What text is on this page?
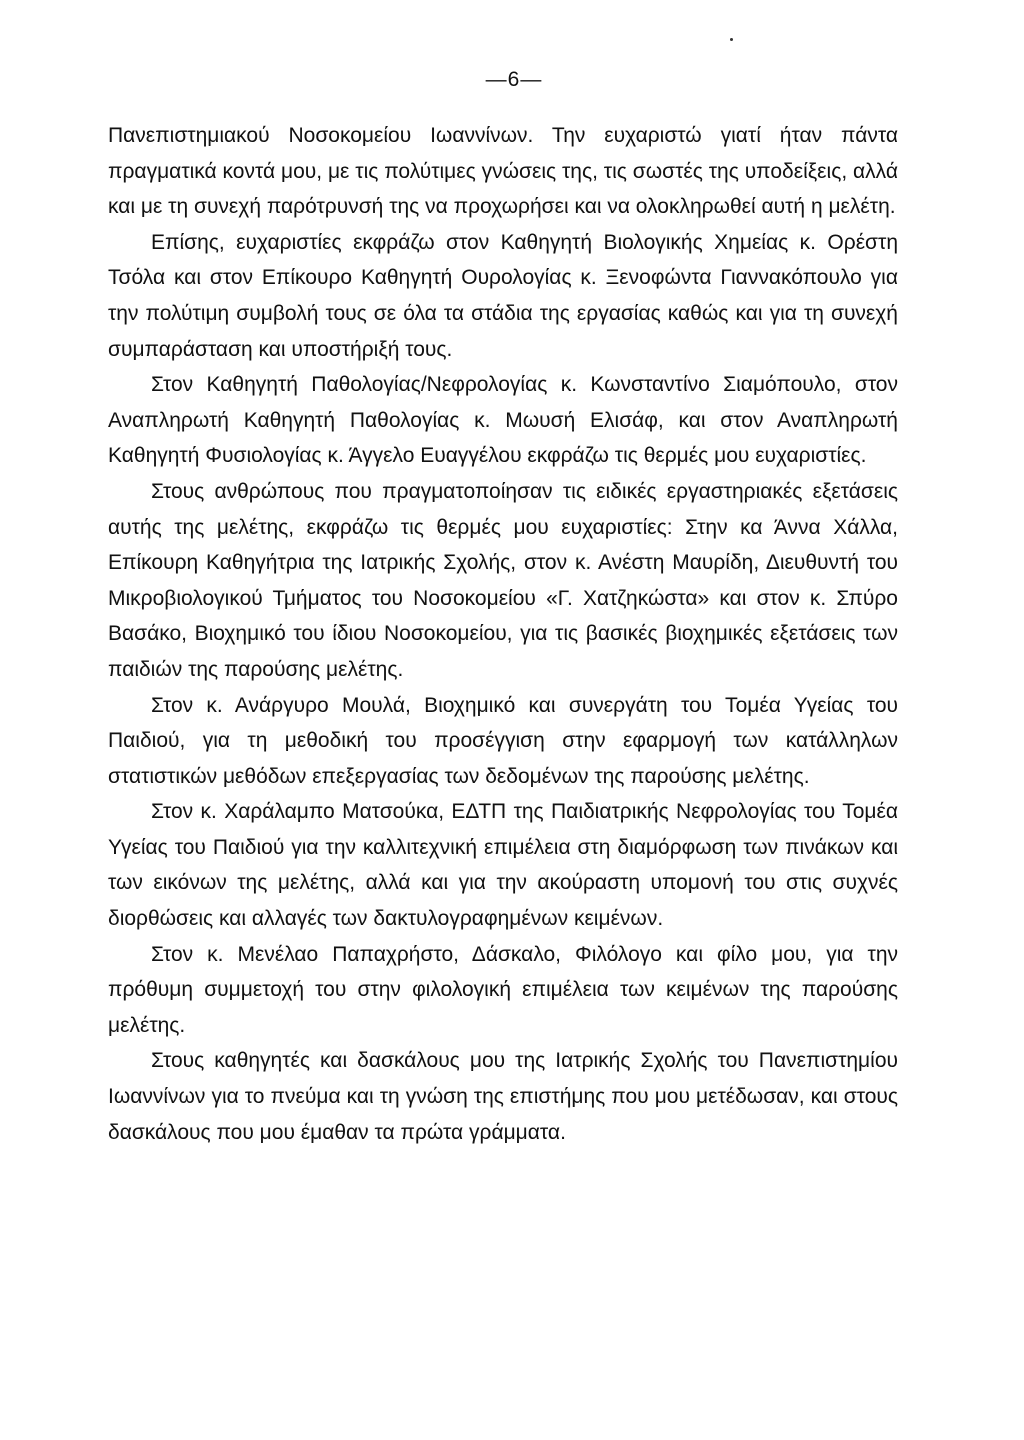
—6—

Πανεπιστημιακού Νοσοκομείου Ιωαννίνων. Την ευχαριστώ γιατί ήταν πάντα πραγματικά κοντά μου, με τις πολύτιμες γνώσεις της, τις σωστές της υποδείξεις, αλλά και με τη συνεχή παρότρυνσή της να προχωρήσει και να ολοκληρωθεί αυτή η μελέτη.

Επίσης, ευχαριστίες εκφράζω στον Καθηγητή Βιολογικής Χημείας κ. Ορέστη Τσόλα και στον Επίκουρο Καθηγητή Ουρολογίας κ. Ξενοφώντα Γιαννακόπουλο για την πολύτιμη συμβολή τους σε όλα τα στάδια της εργασίας καθώς και για τη συνεχή συμπαράσταση και υποστήριξή τους.

Στον Καθηγητή Παθολογίας/Νεφρολογίας κ. Κωνσταντίνο Σιαμόπουλο, στον Αναπληρωτή Καθηγητή Παθολογίας κ. Μωυσή Ελισάφ, και στον Αναπληρωτή Καθηγητή Φυσιολογίας κ. Άγγελο Ευαγγέλου εκφράζω τις θερμές μου ευχαριστίες.

Στους ανθρώπους που πραγματοποίησαν τις ειδικές εργαστηριακές εξετάσεις αυτής της μελέτης, εκφράζω τις θερμές μου ευχαριστίες: Στην κα Άννα Χάλλα, Επίκουρη Καθηγήτρια της Ιατρικής Σχολής, στον κ. Ανέστη Μαυρίδη, Διευθυντή του Μικροβιολογικού Τμήματος του Νοσοκομείου «Γ. Χατζηκώστα» και στον κ. Σπύρο Βασάκο, Βιοχημικό του ίδιου Νοσοκομείου, για τις βασικές βιοχημικές εξετάσεις των παιδιών της παρούσης μελέτης.

Στον κ. Ανάργυρο Μουλά, Βιοχημικό και συνεργάτη του Τομέα Υγείας του Παιδιού, για τη μεθοδική του προσέγγιση στην εφαρμογή των κατάλληλων στατιστικών μεθόδων επεξεργασίας των δεδομένων της παρούσης μελέτης.

Στον κ. Χαράλαμπο Ματσούκα, ΕΔΤΠ της Παιδιατρικής Νεφρολογίας του Τομέα Υγείας του Παιδιού για την καλλιτεχνική επιμέλεια στη διαμόρφωση των πινάκων και των εικόνων της μελέτης, αλλά και για την ακούραστη υπομονή του στις συχνές διορθώσεις και αλλαγές των δακτυλογραφημένων κειμένων.

Στον κ. Μενέλαο Παπαχρήστο, Δάσκαλο, Φιλόλογο και φίλο μου, για την πρόθυμη συμμετοχή του στην φιλολογική επιμέλεια των κειμένων της παρούσης μελέτης.

Στους καθηγητές και δασκάλους μου της Ιατρικής Σχολής του Πανεπιστημίου Ιωαννίνων για το πνεύμα και τη γνώση της επιστήμης που μου μετέδωσαν, και στους δασκάλους που μου έμαθαν τα πρώτα γράμματα.
